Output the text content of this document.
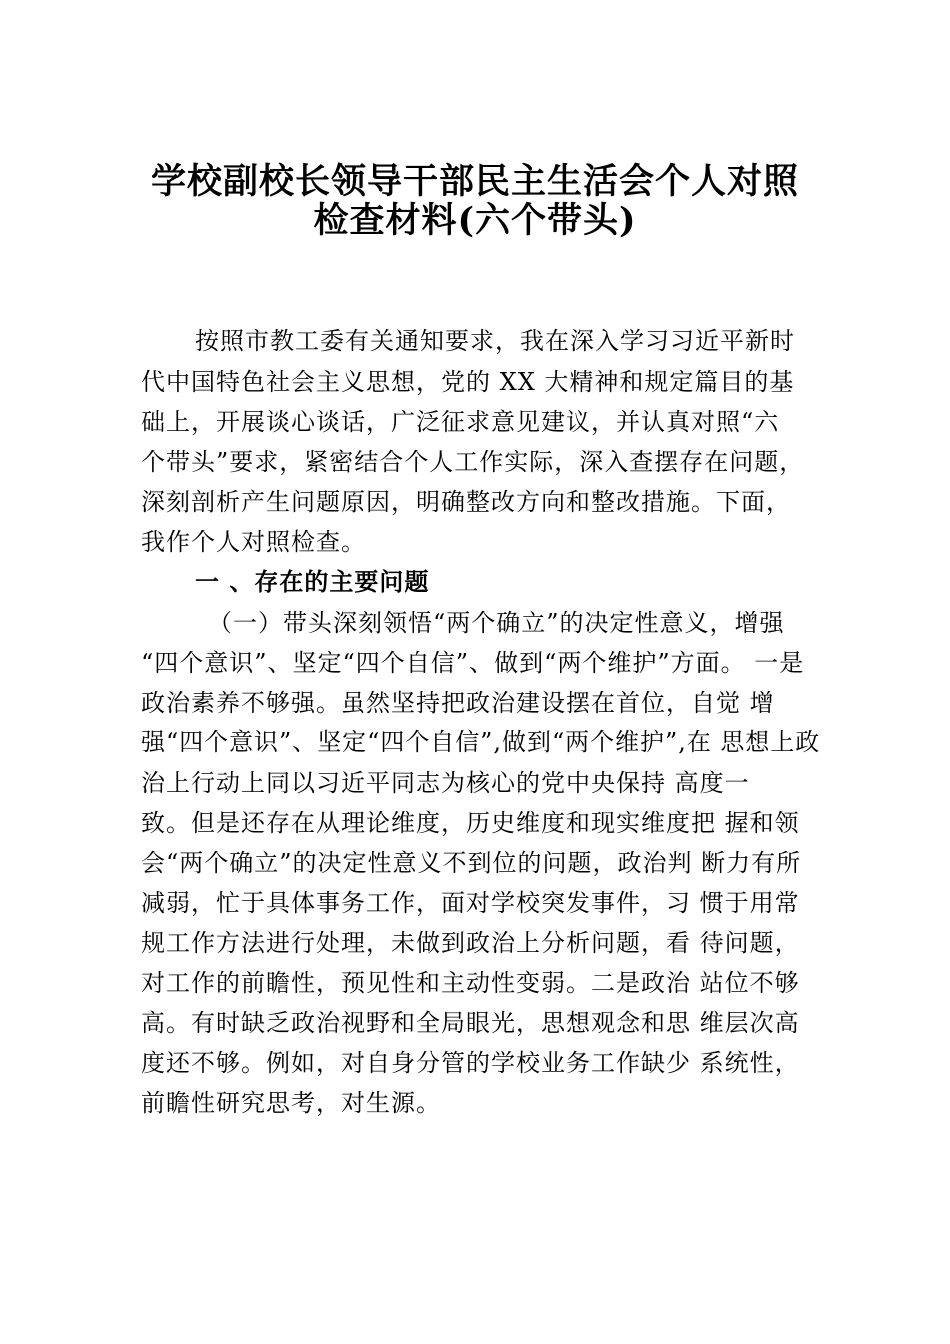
学校副校长领导干部民主生活会个人对照
检查材料(六个带头)
按照市教工委有关通知要求，我在深入学习习近平新时
代中国特色社会主义思想，党的 XX 大精神和规定篇目的基
础上，开展谈心谈话，广泛征求意见建议，并认真对照“六
个带头”要求，紧密结合个人工作实际，深入查摆存在问题，
深刻剖析产生问题原因，明确整改方向和整改措施。下面，
我作个人对照检查。
一 、存在的主要问题
（一）带头深刻领悟“两个确立”的决定性意义，增强
“四个意识”、坚定“四个自信”、做到“两个维护”方面。 一是
政治素养不够强。虽然坚持把政治建设摆在首位，自觉 增
强“四个意识”、坚定“四个自信”,做到“两个维护”,在 思想上政
治上行动上同以习近平同志为核心的党中央保持 高度一
致。但是还存在从理论维度，历史维度和现实维度把 握和领
会“两个确立”的决定性意义不到位的问题，政治判 断力有所
减弱，忙于具体事务工作，面对学校突发事件，习 惯于用常
规工作方法进行处理，未做到政治上分析问题，看 待问题，
对工作的前瞻性，预见性和主动性变弱。二是政治 站位不够
高。有时缺乏政治视野和全局眼光，思想观念和思 维层次高
度还不够。例如，对自身分管的学校业务工作缺少 系统性，
前瞻性研究思考，对生源。
